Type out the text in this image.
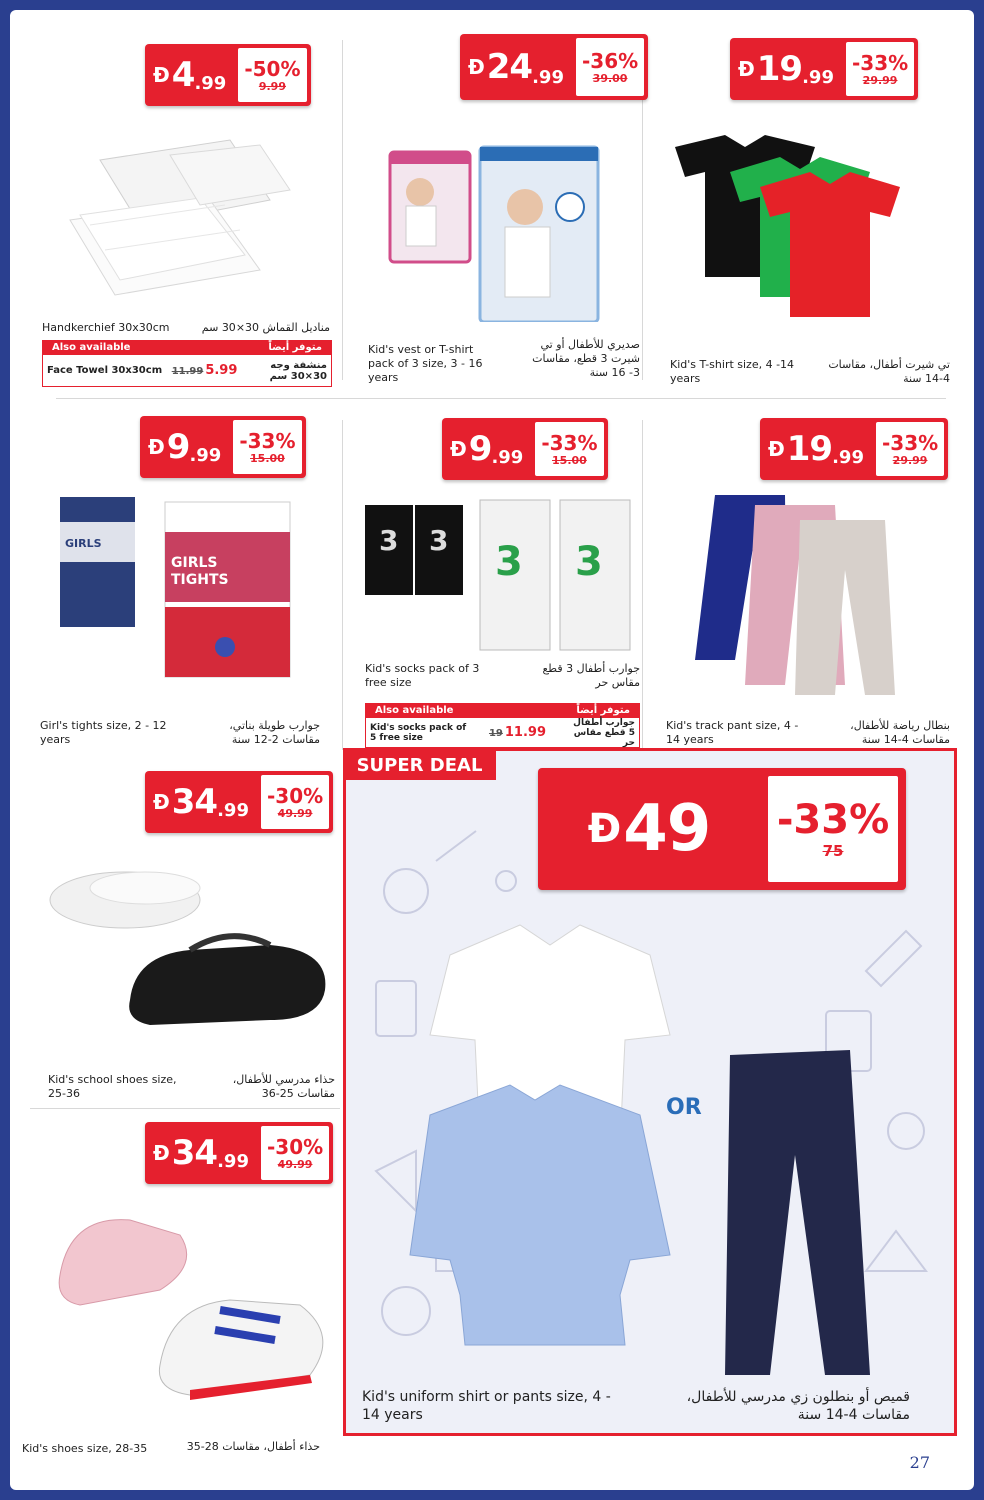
Đ 4 .99
-50%
9.99
Handkerchief 30x30cm	مناديل القماش 30×30 سم
Also available	متوفر أيضاً
Face Towel 30x30cm 11.99 5.99	منشفة وجه 30×30 سم
Đ 24 .99
-36%
39.00
Kid's vest or T-shirt pack of 3 size, 3 - 16 years
صديري للأطفال أو تي شيرت 3 قطع، مقاسات 3- 16 سنة
Đ 19 .99
-33%
29.99
Kid's T-shirt size, 4 -14 years
تي شيرت أطفال، مقاسات 4-14 سنة
Đ 9 .99
-33%
15.00
GIRLS
GIRLS
TIGHTS
Girl's tights size, 2 - 12 years
جوارب طويلة بناتي، مقاسات 2-12 سنة
Đ 9 .99
-33%
15.00
3 3 3 3
Kid's socks pack of 3 free size
جوارب أطفال 3 قطع مقاس حر
Also available	متوفر أيضاً
Kid's socks pack of 5 free size	19 11.99
جوارب أطفال 5 قطع مقاس حر
Đ 19 .99
-33%
29.99
Kid's track pant size, 4 - 14 years
بنطال رياضة للأطفال، مقاسات 4-14 سنة
Đ 34 .99
-30%
49.99
Kid's school shoes size, 25-36
حذاء مدرسي للأطفال، مقاسات 25-36
Đ 34 .99
-30%
49.99
Kid's shoes size, 28-35	حذاء أطفال، مقاسات 28-35
SUPER DEAL
Đ 49 -33%
75
OR
Kid's uniform shirt or pants size, 4 - 14 years
قميص أو بنطلون زي مدرسي للأطفال، مقاسات 4-14 سنة
27
